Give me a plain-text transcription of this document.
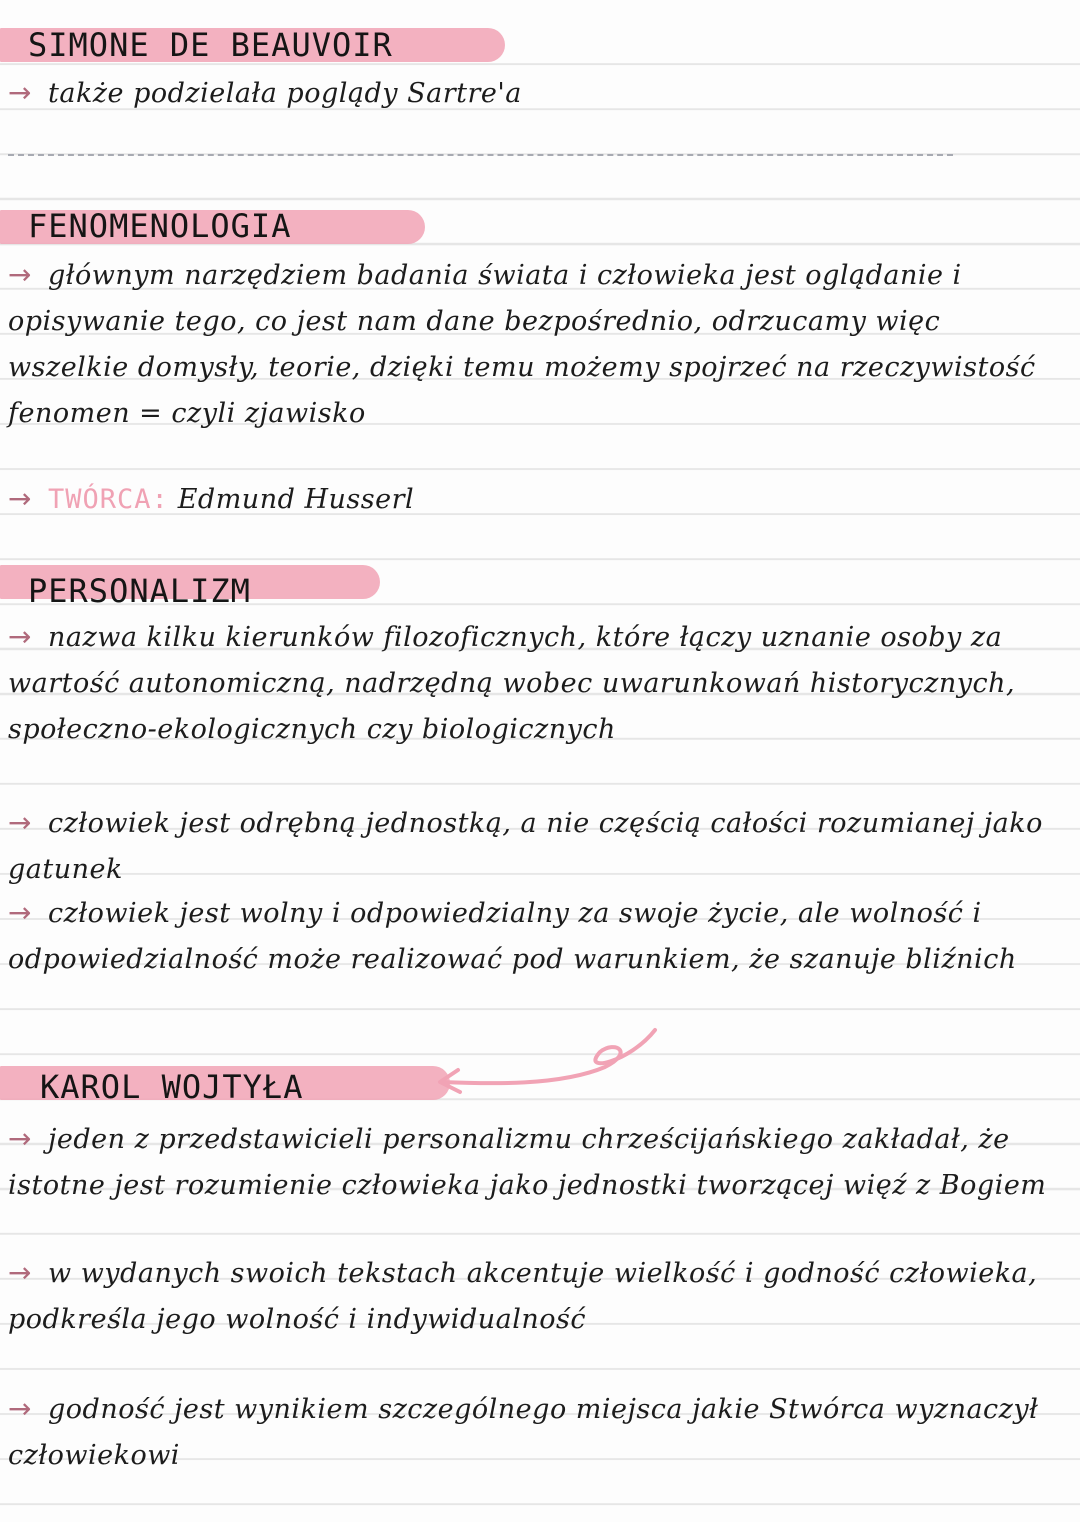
SIMONE DE BEAUVOIR
→ także podzielała poglądy Sartre'a
FENOMENOLOGIA
→ głównym narzędziem badania świata i człowieka jest oglądanie i opisywanie tego, co jest nam dane bezpośrednio, odrzucamy więc wszelkie domysły, teorie, dzięki temu możemy spojrzeć na rzeczywistość fenomen = czyli zjawisko
→ TWÓRCA: Edmund Husserl
PERSONALIZM
→ nazwa kilku kierunków filozoficznych, które łączy uznanie osoby za wartość autonomiczną, nadrzędną wobec uwarunkowań historycznych, społeczno-ekologicznych czy biologicznych
→ człowiek jest odrębną jednostką, a nie częścią całości rozumianej jako gatunek
→ człowiek jest wolny i odpowiedzialny za swoje życie, ale wolność i odpowiedzialność może realizować pod warunkiem, że szanuje bliźnich
KAROL WOJTYŁA
→ jeden z przedstawicieli personalizmu chrześcijańskiego zakładał, że istotne jest rozumienie człowieka jako jednostki tworzącej więź z Bogiem
→ w wydanych swoich tekstach akcentuje wielkość i godność człowieka, podkreśla jego wolność i indywidualność
→ godność jest wynikiem szczególnego miejsca jakie Stwórca wyznaczył człowiekowi
